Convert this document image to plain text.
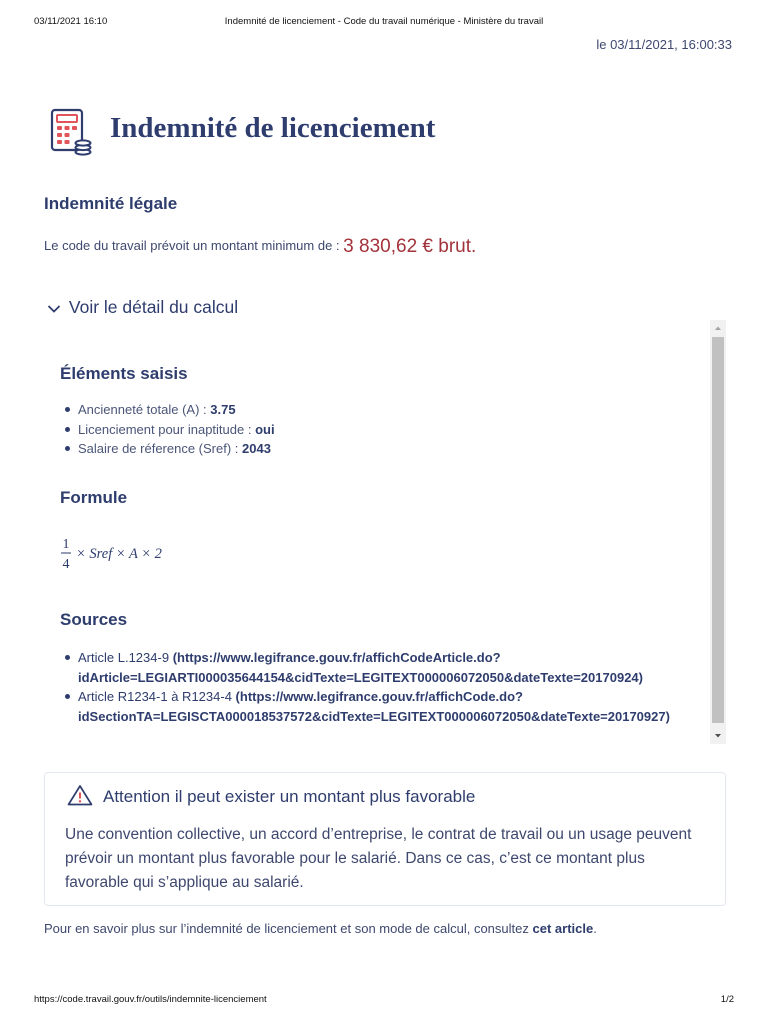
03/11/2021 16:10	Indemnité de licenciement - Code du travail numérique - Ministère du travail
le 03/11/2021, 16:00:33
Indemnité de licenciement
Indemnité légale
Le code du travail prévoit un montant minimum de : 3 830,62 € brut.
Voir le détail du calcul
Éléments saisis
Ancienneté totale (A) : 3.75
Licenciement pour inaptitude : oui
Salaire de réference (Sref) : 2043
Formule
1
4
× Sref × A × 2
Sources
Article L.1234-9 (https://www.legifrance.gouv.fr/affichCodeArticle.do?idArticle=LEGIARTI000035644154&cidTexte=LEGITEXT000006072050&dateTexte=20170924)
Article R1234-1 à R1234-4 (https://www.legifrance.gouv.fr/affichCode.do?idSectionTA=LEGISCTA000018537572&cidTexte=LEGITEXT000006072050&dateTexte=20170927)
Attention il peut exister un montant plus favorable

Une convention collective, un accord d’entreprise, le contrat de travail ou un usage peuvent prévoir un montant plus favorable pour le salarié. Dans ce cas, c’est ce montant plus favorable qui s’applique au salarié.

Pour en savoir plus sur l’indemnité de licenciement et son mode de calcul, consultez cet article.
https://code.travail.gouv.fr/outils/indemnite-licenciement	1/2
